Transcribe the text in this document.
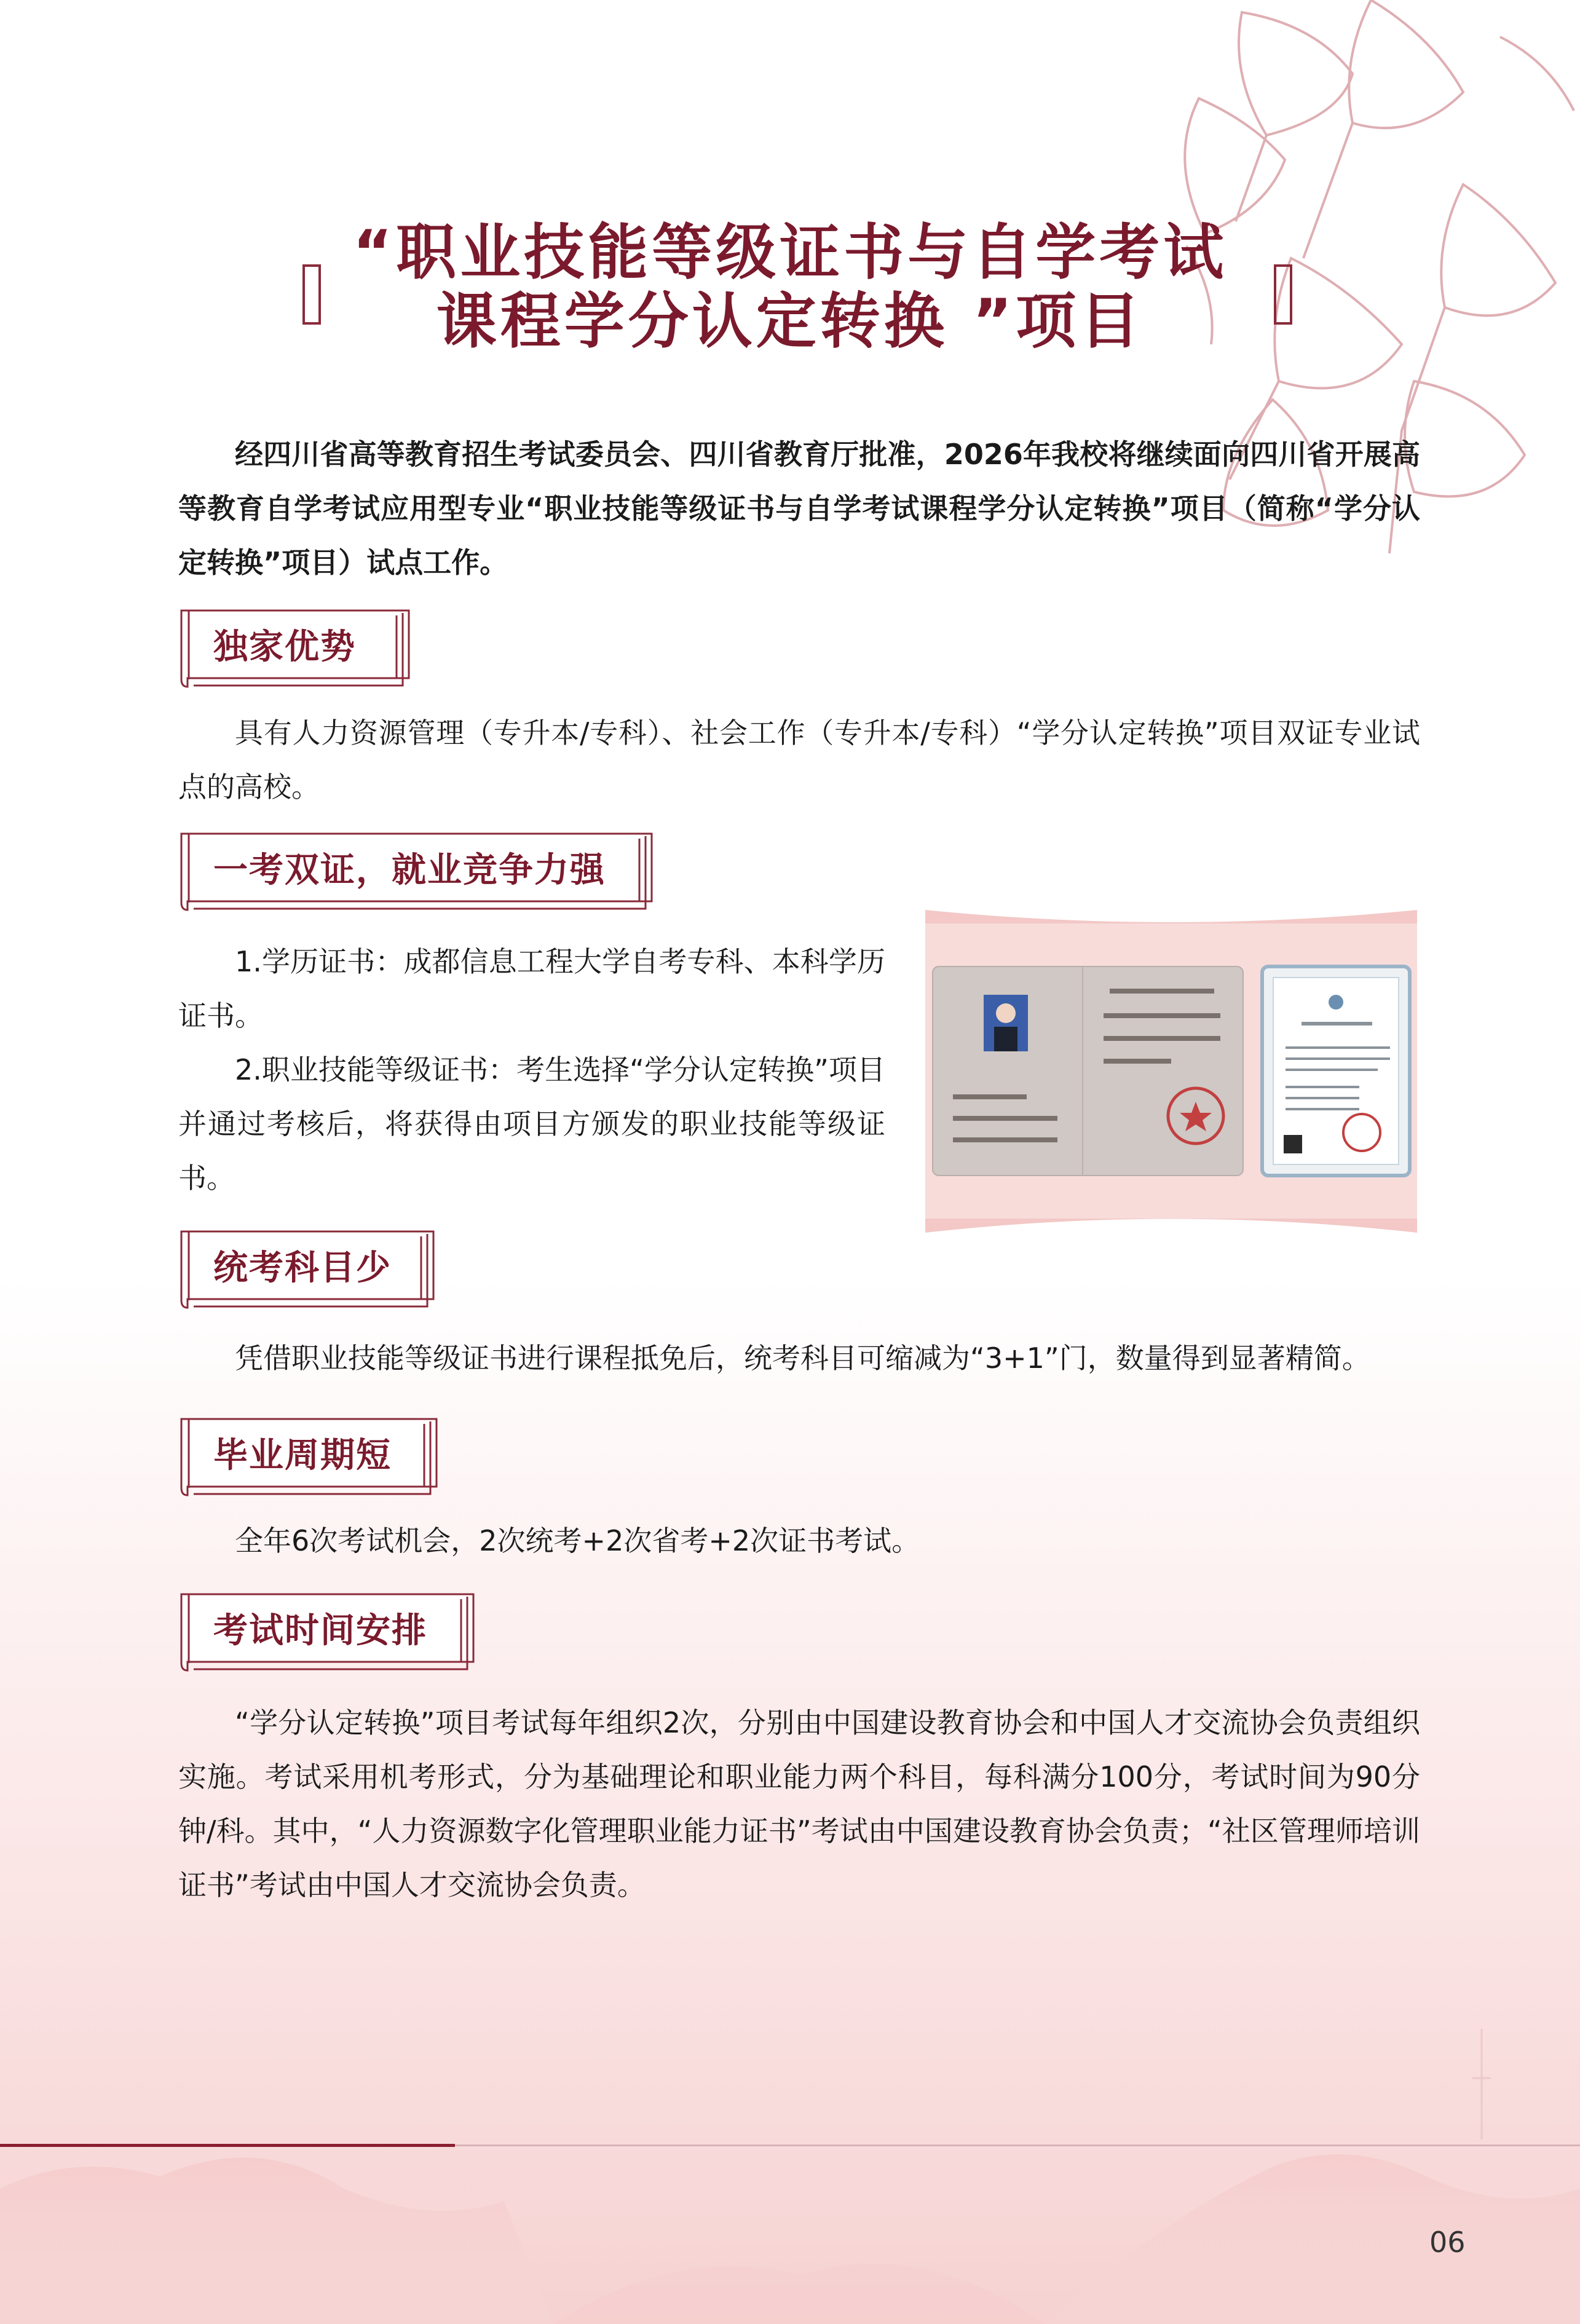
“职业技能等级证书与自学考试
课程学分认定转换 ”项目
经四川省高等教育招生考试委员会、四川省教育厅批准，2026年我校将继续面向四川省开展高等教育自学考试应用型专业“职业技能等级证书与自学考试课程学分认定转换”项目（简称“学分认定转换”项目）试点工作。
独家优势
具有人力资源管理（专升本/专科）、社会工作（专升本/专科）“学分认定转换”项目双证专业试点的高校。
一考双证，就业竞争力强
1.学历证书：成都信息工程大学自考专科、本科学历证书。
2.职业技能等级证书：考生选择“学分认定转换”项目并通过考核后，将获得由项目方颁发的职业技能等级证书。
统考科目少
凭借职业技能等级证书进行课程抵免后，统考科目可缩减为“3+1”门，数量得到显著精简。
毕业周期短
全年6次考试机会，2次统考+2次省考+2次证书考试。
考试时间安排
“学分认定转换”项目考试每年组织2次，分别由中国建设教育协会和中国人才交流协会负责组织实施。考试采用机考形式，分为基础理论和职业能力两个科目，每科满分100分，考试时间为90分钟/科。其中，“人力资源数字化管理职业能力证书”考试由中国建设教育协会负责；“社区管理师培训证书”考试由中国人才交流协会负责。
06
